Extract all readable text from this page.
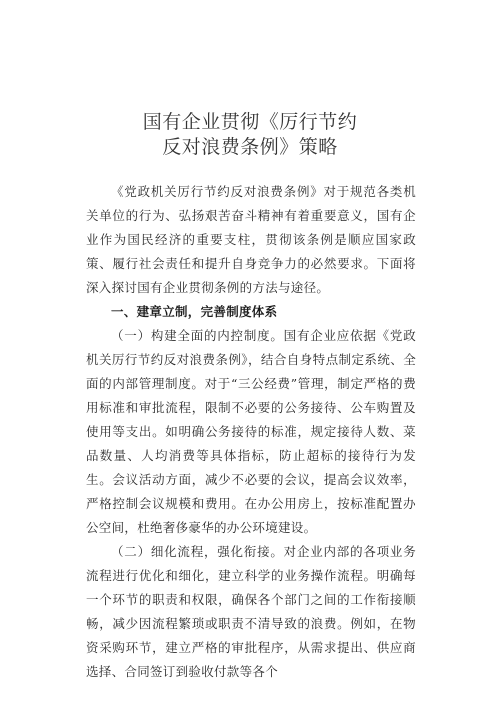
国有企业贯彻《厉行节约
反对浪费条例》策略

《党政机关厉行节约反对浪费条例》对于规范各类机关单位的行为、弘扬艰苦奋斗精神有着重要意义，国有企业作为国民经济的重要支柱，贯彻该条例是顺应国家政策、履行社会责任和提升自身竞争力的必然要求。下面将深入探讨国有企业贯彻条例的方法与途径。

一、建章立制，完善制度体系

（一）构建全面的内控制度。国有企业应依据《党政机关厉行节约反对浪费条例》，结合自身特点制定系统、全面的内部管理制度。对于“三公经费”管理，制定严格的费用标准和审批流程，限制不必要的公务接待、公车购置及使用等支出。如明确公务接待的标准，规定接待人数、菜品数量、人均消费等具体指标，防止超标的接待行为发生。会议活动方面，减少不必要的会议，提高会议效率，严格控制会议规模和费用。在办公用房上，按标准配置办公空间，杜绝奢侈豪华的办公环境建设。

（二）细化流程，强化衔接。对企业内部的各项业务流程进行优化和细化，建立科学的业务操作流程。明确每一个环节的职责和权限，确保各个部门之间的工作衔接顺畅，减少因流程繁琐或职责不清导致的浪费。例如，在物资采购环节，建立严格的审批程序，从需求提出、供应商选择、合同签订到验收付款等各个
